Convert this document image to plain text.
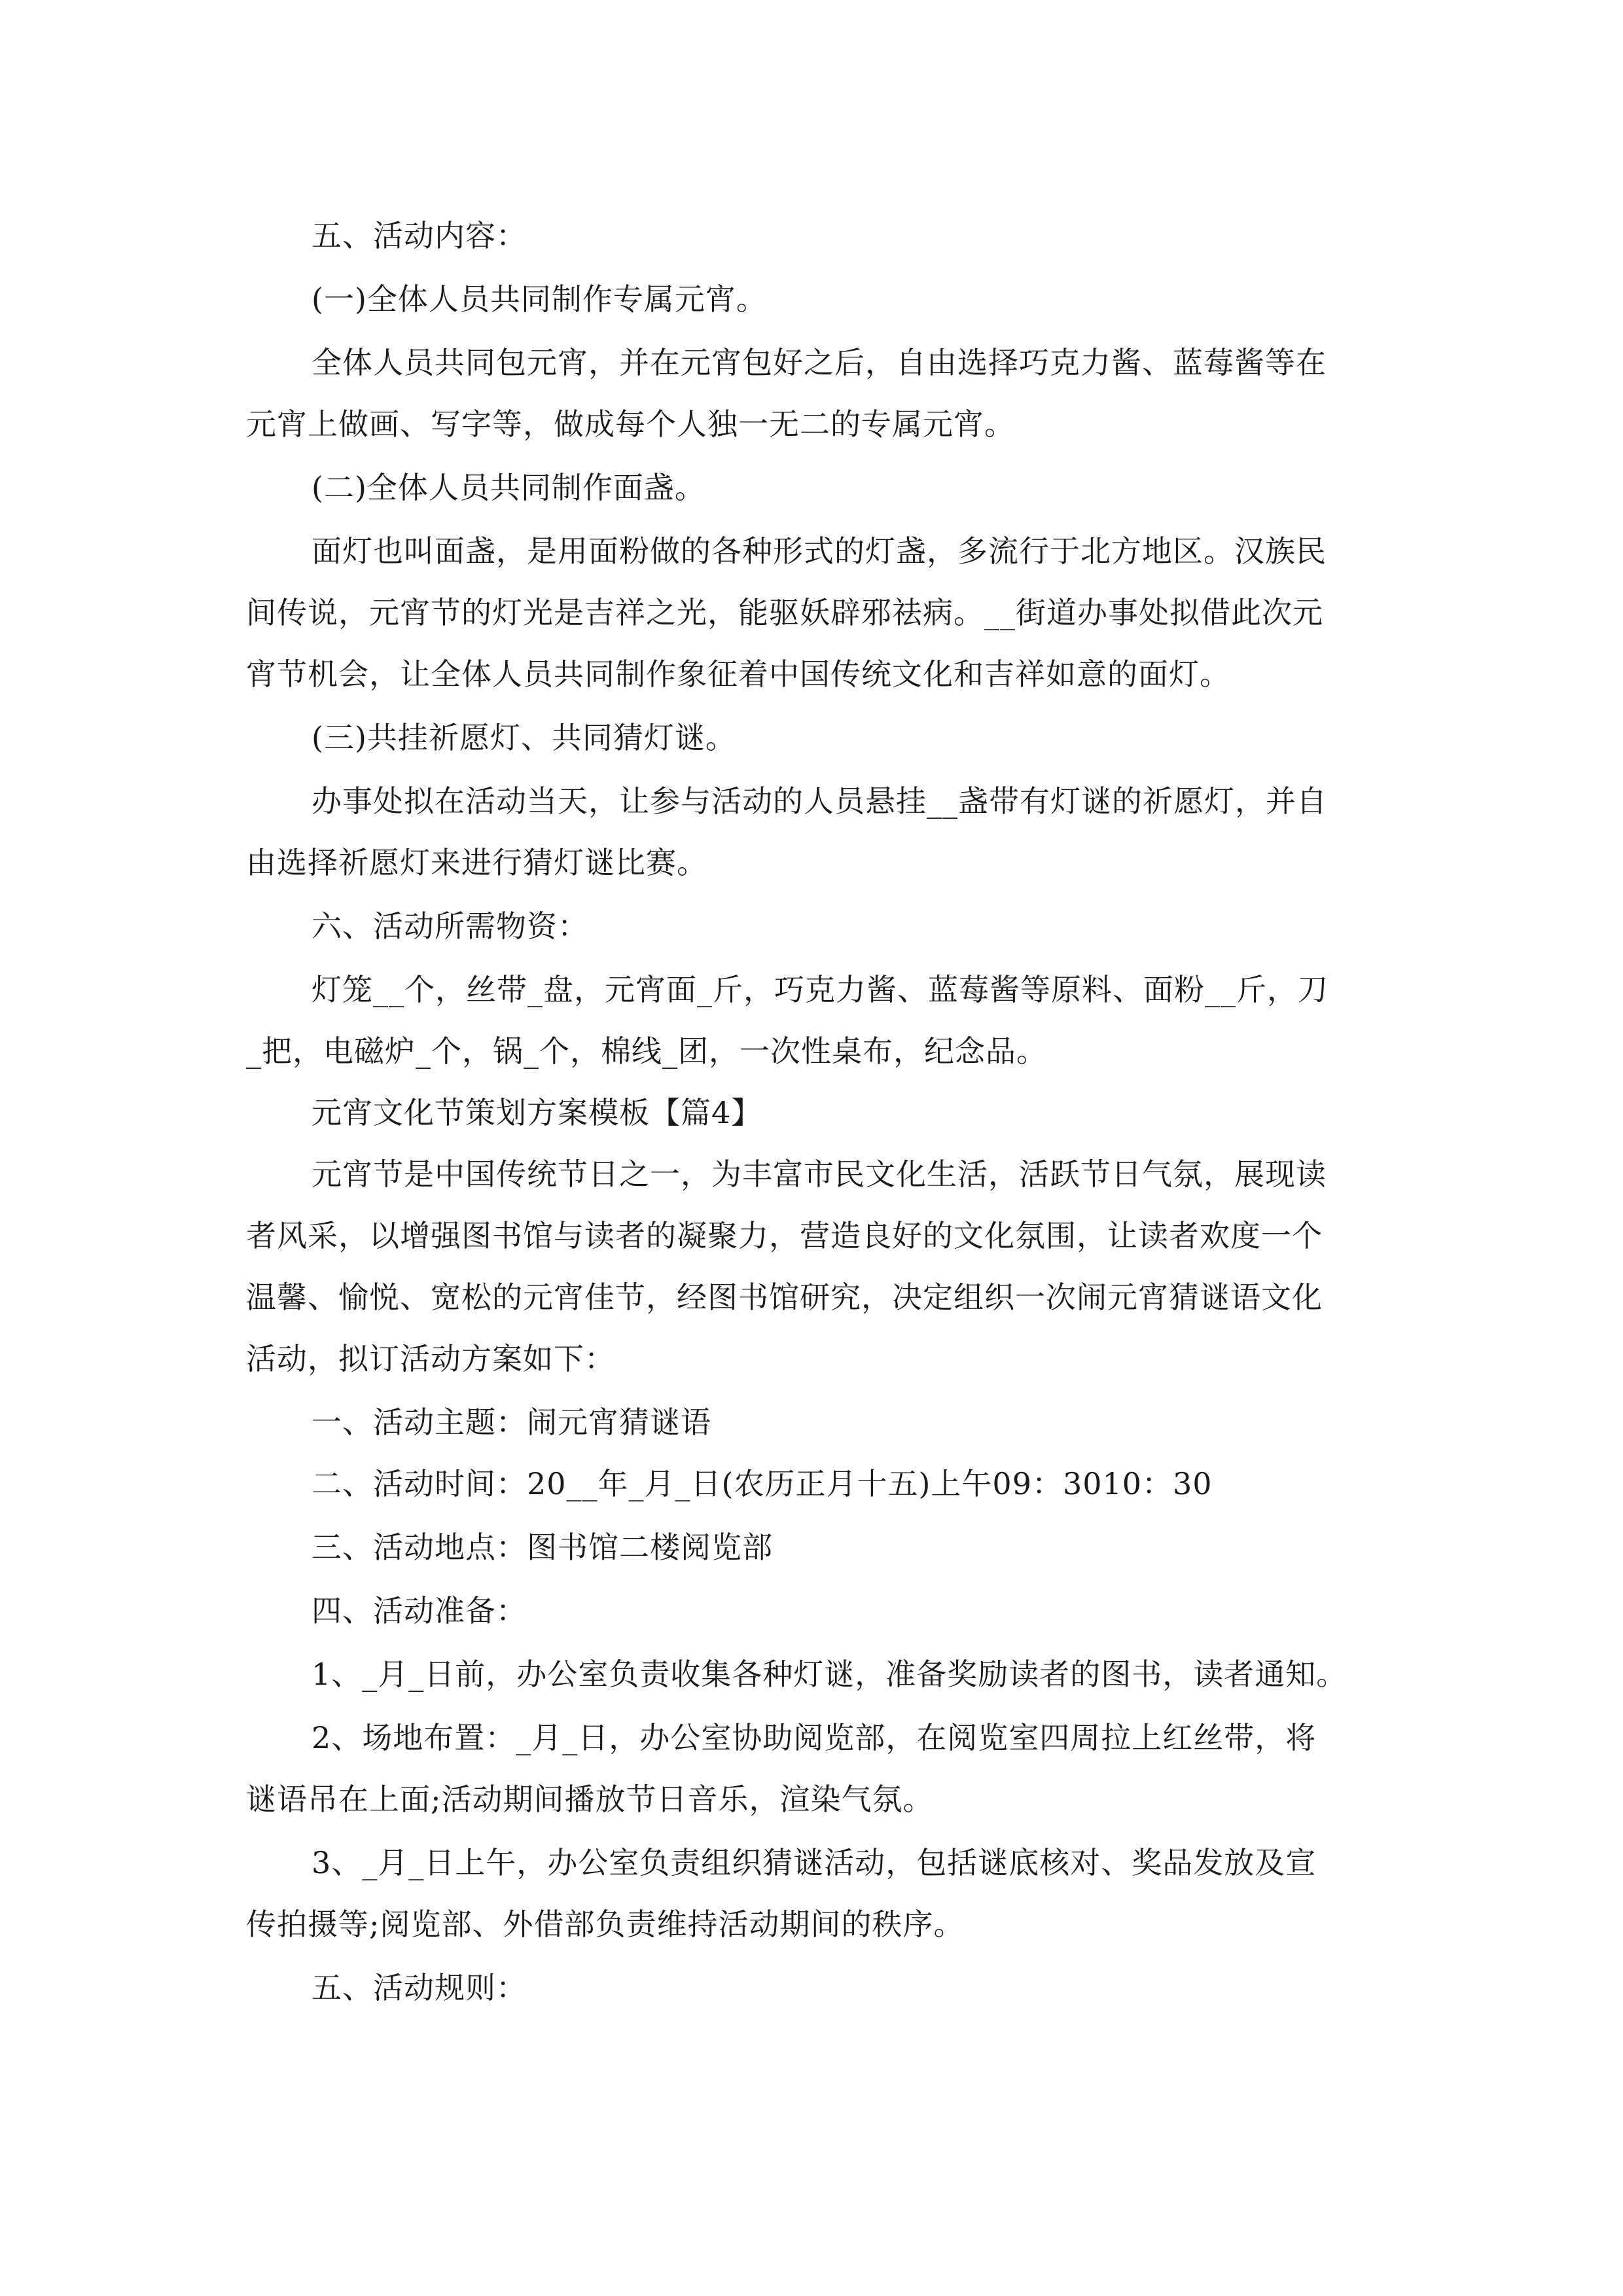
五、活动内容：
(一)全体人员共同制作专属元宵。
全体人员共同包元宵，并在元宵包好之后，自由选择巧克力酱、蓝莓酱等在
元宵上做画、写字等，做成每个人独一无二的专属元宵。
(二)全体人员共同制作面盏。
面灯也叫面盏，是用面粉做的各种形式的灯盏，多流行于北方地区。汉族民
间传说，元宵节的灯光是吉祥之光，能驱妖辟邪祛病。__街道办事处拟借此次元
宵节机会，让全体人员共同制作象征着中国传统文化和吉祥如意的面灯。
(三)共挂祈愿灯、共同猜灯谜。
办事处拟在活动当天，让参与活动的人员悬挂__盏带有灯谜的祈愿灯，并自
由选择祈愿灯来进行猜灯谜比赛。
六、活动所需物资：
灯笼__个，丝带_盘，元宵面_斤，巧克力酱、蓝莓酱等原料、面粉__斤，刀
_把，电磁炉_个，锅_个，棉线_团，一次性桌布，纪念品。
元宵文化节策划方案模板【篇4】
元宵节是中国传统节日之一，为丰富市民文化生活，活跃节日气氛，展现读
者风采，以增强图书馆与读者的凝聚力，营造良好的文化氛围，让读者欢度一个
温馨、愉悦、宽松的元宵佳节，经图书馆研究，决定组织一次闹元宵猜谜语文化
活动，拟订活动方案如下：
一、活动主题：闹元宵猜谜语
二、活动时间：20__年_月_日(农历正月十五)上午09：3010：30
三、活动地点：图书馆二楼阅览部
四、活动准备：
1、_月_日前，办公室负责收集各种灯谜，准备奖励读者的图书，读者通知。
2、场地布置：_月_日，办公室协助阅览部，在阅览室四周拉上红丝带，将
谜语吊在上面;活动期间播放节日音乐，渲染气氛。
3、_月_日上午，办公室负责组织猜谜活动，包括谜底核对、奖品发放及宣
传拍摄等;阅览部、外借部负责维持活动期间的秩序。
五、活动规则：
